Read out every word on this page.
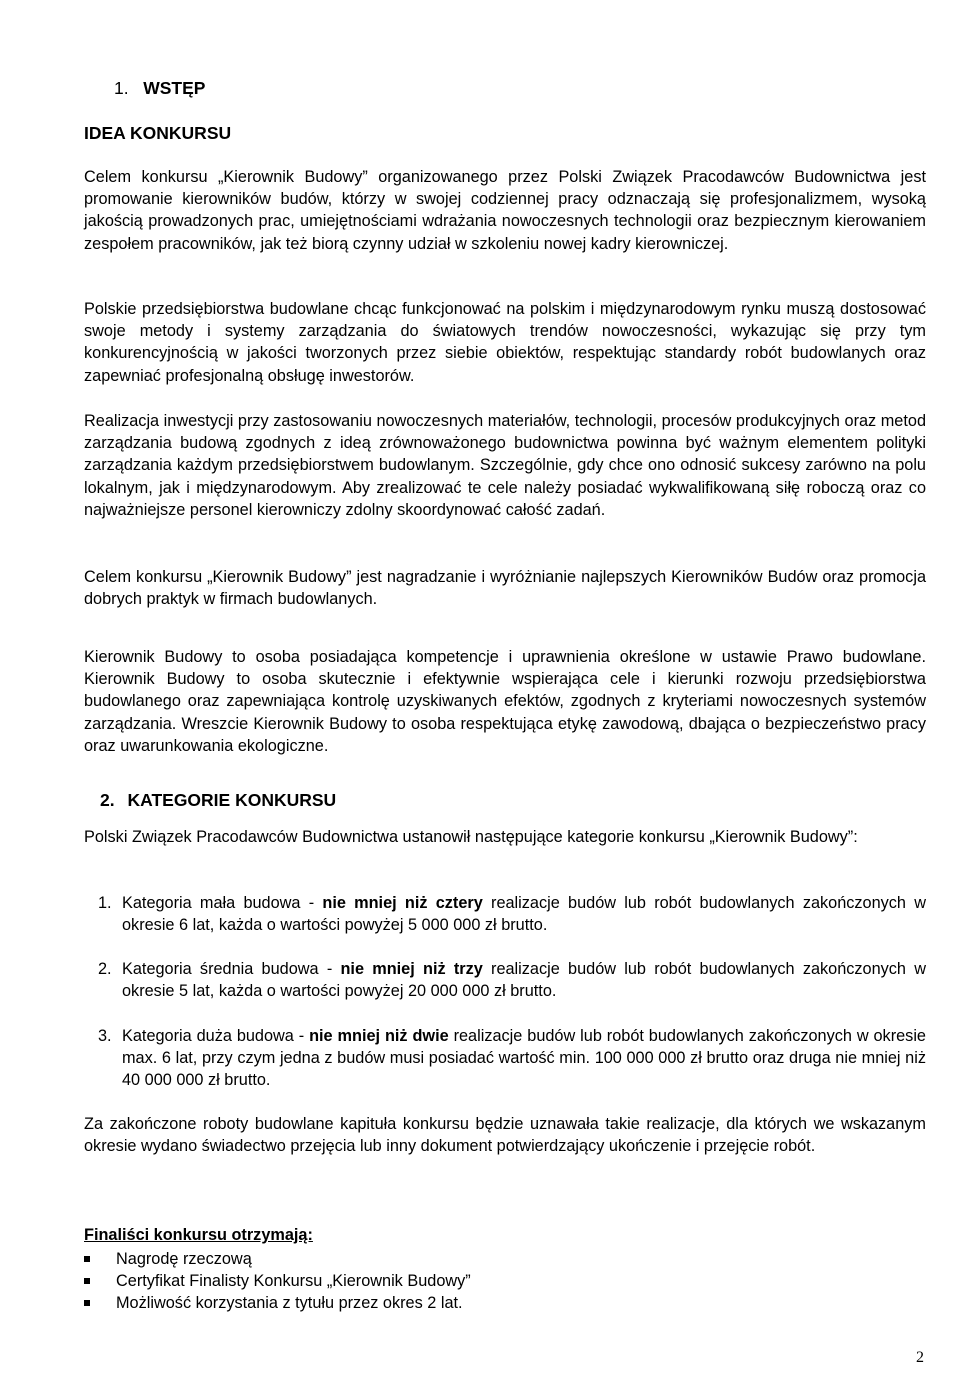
1. WSTĘP
IDEA KONKURSU

Celem konkursu „Kierownik Budowy” organizowanego przez Polski Związek Pracodawców Budownictwa jest promowanie kierowników budów, którzy w swojej codziennej pracy odznaczają się profesjonalizmem, wysoką jakością prowadzonych prac, umiejętnościami wdrażania nowoczesnych technologii oraz bezpiecznym kierowaniem zespołem pracowników, jak też biorą czynny udział w szkoleniu nowej kadry kierowniczej.

Polskie przedsiębiorstwa budowlane chcąc funkcjonować na polskim i międzynarodowym rynku muszą dostosować swoje metody i systemy zarządzania do światowych trendów nowoczesności, wykazując się przy tym konkurencyjnością w jakości tworzonych przez siebie obiektów, respektując standardy robót budowlanych oraz zapewniać profesjonalną obsługę inwestorów.

Realizacja inwestycji przy zastosowaniu nowoczesnych materiałów, technologii, procesów produkcyjnych oraz metod zarządzania budową zgodnych z ideą zrównoważonego budownictwa powinna być ważnym elementem polityki zarządzania każdym przedsiębiorstwem budowlanym. Szczególnie, gdy chce ono odnosić sukcesy zarówno na polu lokalnym, jak i międzynarodowym. Aby zrealizować te cele należy posiadać wykwalifikowaną siłę roboczą oraz co najważniejsze personel kierowniczy zdolny skoordynować całość zadań.

Celem konkursu „Kierownik Budowy” jest nagradzanie i wyróżnianie najlepszych Kierowników Budów oraz promocja dobrych praktyk w firmach budowlanych.

Kierownik Budowy to osoba posiadająca kompetencje i uprawnienia określone w ustawie Prawo budowlane. Kierownik Budowy to osoba skutecznie i efektywnie wspierająca cele i kierunki rozwoju przedsiębiorstwa budowlanego oraz zapewniająca kontrolę uzyskiwanych efektów, zgodnych z kryteriami nowoczesnych systemów zarządzania. Wreszcie Kierownik Budowy to osoba respektująca etykę zawodową, dbająca o bezpieczeństwo pracy oraz uwarunkowania ekologiczne.

2. KATEGORIE KONKURSU

Polski Związek Pracodawców Budownictwa ustanowił następujące kategorie konkursu „Kierownik Budowy”:

1. Kategoria mała budowa - nie mniej niż cztery realizacje budów lub robót budowlanych zakończonych w okresie 6 lat, każda o wartości powyżej 5 000 000 zł brutto.
2. Kategoria średnia budowa - nie mniej niż trzy realizacje budów lub robót budowlanych zakończonych w okresie 5 lat, każda o wartości powyżej 20 000 000 zł brutto.
3. Kategoria duża budowa - nie mniej niż dwie realizacje budów lub robót budowlanych zakończonych w okresie max. 6 lat, przy czym jedna z budów musi posiadać wartość min. 100 000 000 zł brutto oraz druga nie mniej niż 40 000 000 zł brutto.

Za zakończone roboty budowlane kapituła konkursu będzie uznawała takie realizacje, dla których we wskazanym okresie wydano świadectwo przejęcia lub inny dokument potwierdzający ukończenie i przejęcie robót.

Finaliści konkursu otrzymają:
Nagrodę rzeczową
Certyfikat Finalisty Konkursu „Kierownik Budowy”
Możliwość korzystania z tytułu przez okres 2 lat.
2
